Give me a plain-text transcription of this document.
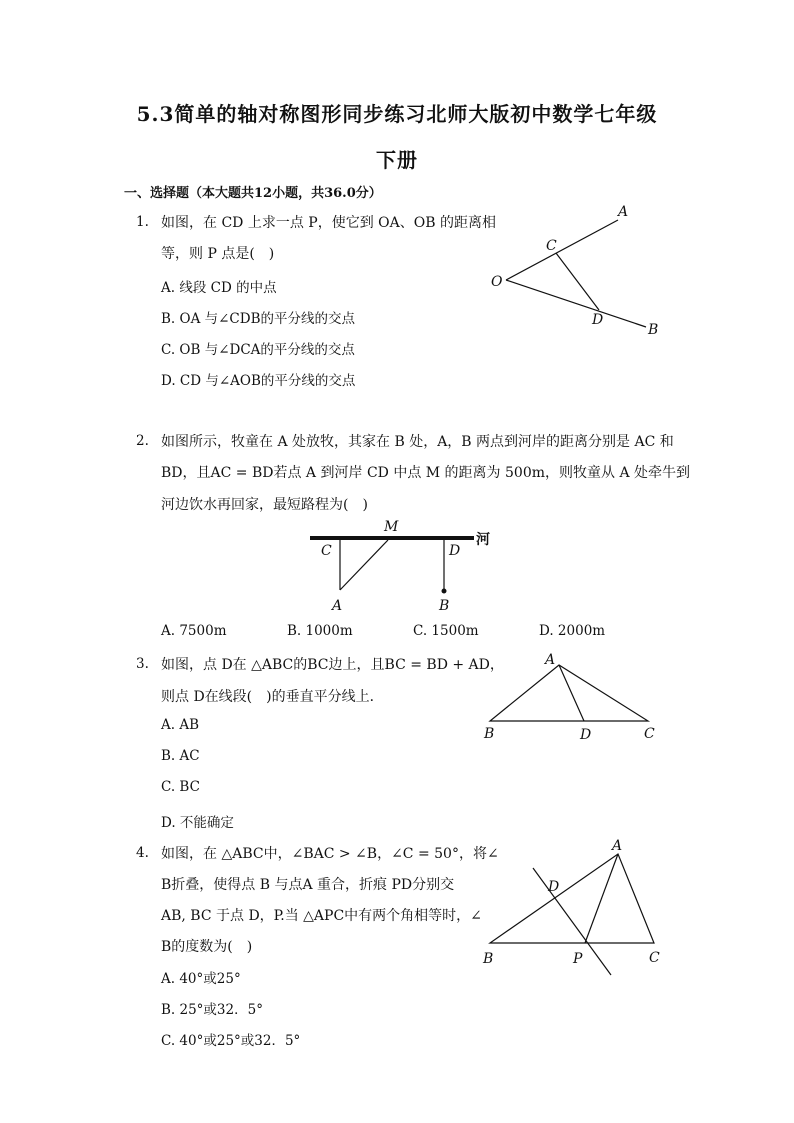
5.3简单的轴对称图形同步练习北师大版初中数学七年级
下册
一、选择题（本大题共12小题，共36.0分）
1. 如图，在 CD 上求一点 P，使它到 OA、OB 的距离相
等，则 P 点是(　)
A. 线段 CD 的中点
B. OA 与∠CDB的平分线的交点
C. OB 与∠DCA的平分线的交点
D. CD 与∠AOB的平分线的交点
A
C
O
D
B
2. 如图所示，牧童在 A 处放牧，其家在 B 处，A，B 两点到河岸的距离分别是 AC 和
BD，且AC = BD若点 A 到河岸 CD 中点 M 的距离为 500m，则牧童从 A 处牵牛到
河边饮水再回家，最短路程为(　)
M
C	D
A	B
河
A. 7500m	B. 1000m	C. 1500m	D. 2000m
3. 如图，点 D在 △ABC的BC边上，且BC = BD + AD，
则点 D在线段(　)的垂直平分线上．
A. AB
B. AC
C. BC
D. 不能确定
A
B	D	C
4. 如图，在 △ABC中，∠BAC > ∠B，∠C = 50°，将∠
B折叠，使得点 B 与点A 重合，折痕 PD分别交
AB, BC 于点 D，P.当 △APC中有两个角相等时，∠
B的度数为(　)
A. 40°或25°
B. 25°或32．5°
C. 40°或25°或32．5°
A
D
B	P	C
